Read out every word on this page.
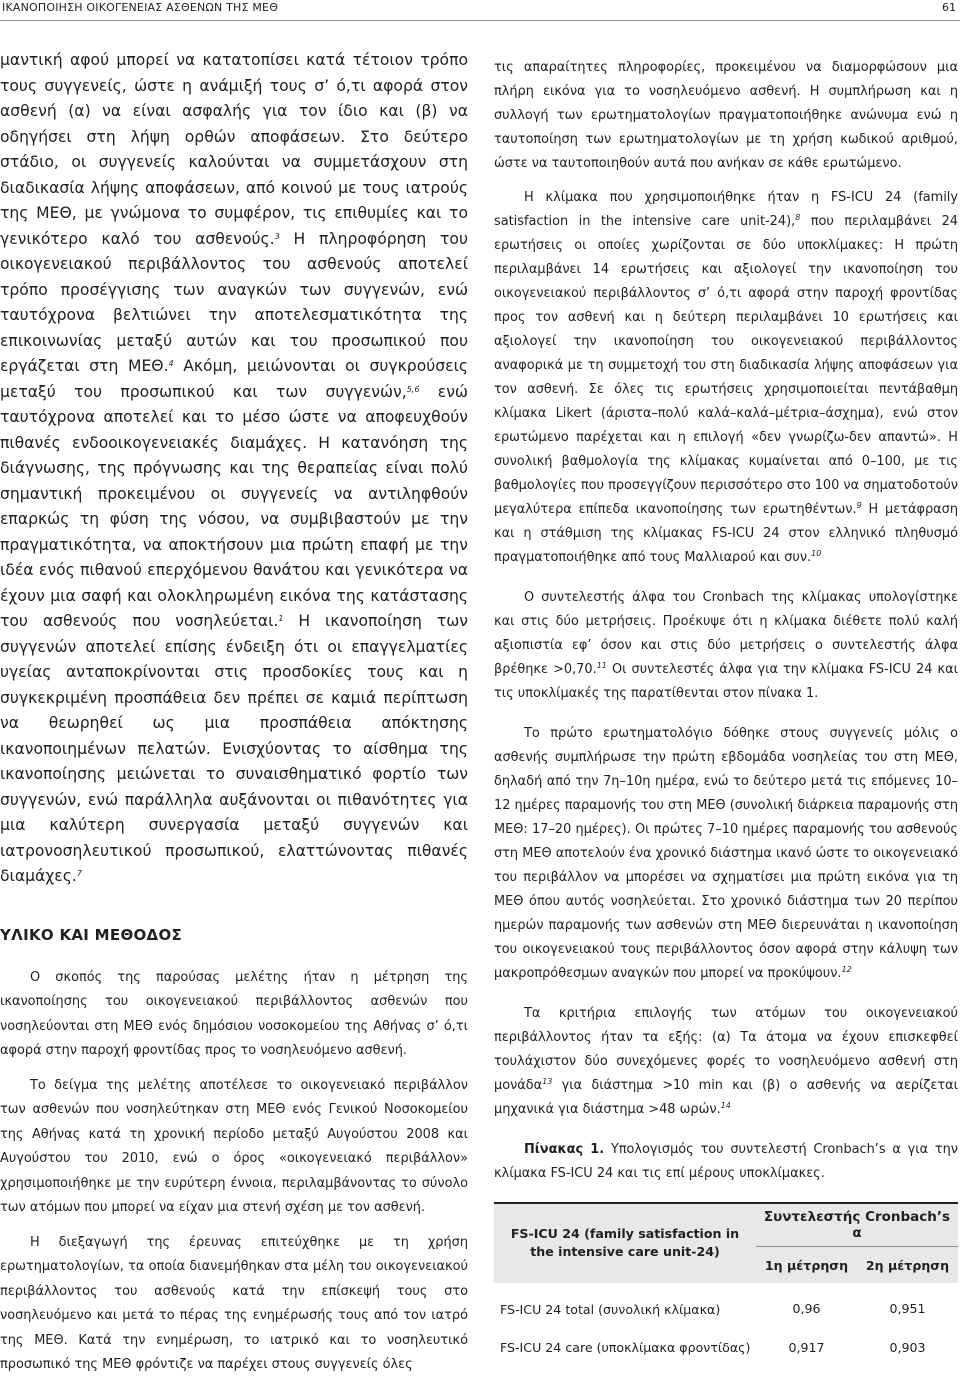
ΙΚΑΝΟΠΟΙΗΣΗ ΟΙΚΟΓΕΝΕΙΑΣ ΑΣΘΕΝΩΝ ΤΗΣ ΜΕΘ	61

μαντική αφού μπορεί να κατατοπίσει κατά τέτοιον τρόπο τους συγγενείς, ώστε η ανάμιξή τους σ’ ό,τι αφορά στον ασθενή (α) να είναι ασφαλής για τον ίδιο και (β) να οδηγήσει στη λήψη ορθών αποφάσεων. Στο δεύτερο στάδιο, οι συγγενείς καλούνται να συμμετάσχουν στη διαδικασία λήψης αποφάσεων, από κοινού με τους ιατρούς της ΜΕΘ, με γνώμονα το συμφέρον, τις επιθυμίες και το γενικότερο καλό του ασθενούς.$^3$ Η πληροφόρηση του οικογενειακού περιβάλλοντος του ασθενούς αποτελεί τρόπο προσέγγισης των αναγκών των συγγενών, ενώ ταυτόχρονα βελτιώνει την αποτελεσματικότητα της επικοινωνίας μεταξύ αυτών και του προσωπικού που εργάζεται στη ΜΕΘ.$^4$ Ακόμη, μειώνονται οι συγκρούσεις μεταξύ του προσωπικού και των συγγενών,$^{5,6}$ ενώ ταυτόχρονα αποτελεί και το μέσο ώστε να αποφευχθούν πιθανές ενδοοικογενειακές διαμάχες. Η κατανόηση της διάγνωσης, της πρόγνωσης και της θεραπείας είναι πολύ σημαντική προκειμένου οι συγγενείς να αντιληφθούν επαρκώς τη φύση της νόσου, να συμβιβαστούν με την πραγματικότητα, να αποκτήσουν μια πρώτη επαφή με την ιδέα ενός πιθανού επερχόμενου θανάτου και γενικότερα να έχουν μια σαφή και ολοκληρωμένη εικόνα της κατάστασης του ασθενούς που νοσηλεύεται.$^1$ Η ικανοποίηση των συγγενών αποτελεί επίσης ένδειξη ότι οι επαγγελματίες υγείας ανταποκρίνονται στις προσδοκίες τους και η συγκεκριμένη προσπάθεια δεν πρέπει σε καμιά περίπτωση να θεωρηθεί ως μια προσπάθεια απόκτησης ικανοποιημένων πελατών. Ενισχύοντας το αίσθημα της ικανοποίησης μειώνεται το συναισθηματικό φορτίο των συγγενών, ενώ παράλληλα αυξάνονται οι πιθανότητες για μια καλύτερη συνεργασία μεταξύ συγγενών και ιατρονοσηλευτικού προσωπικού, ελαττώνοντας πιθανές διαμάχες.$^7$

ΥΛΙΚΟ ΚΑΙ ΜΕΘΟΔΟΣ

Ο σκοπός της παρούσας μελέτης ήταν η μέτρηση της ικανοποίησης του οικογενειακού περιβάλλοντος ασθενών που νοσηλεύονται στη ΜΕΘ ενός δημόσιου νοσοκομείου της Αθήνας σ’ ό,τι αφορά στην παροχή φροντίδας προς το νοσηλευόμενο ασθενή.

Το δείγμα της μελέτης αποτέλεσε το οικογενειακό περιβάλλον των ασθενών που νοσηλεύτηκαν στη ΜΕΘ ενός Γενικού Νοσοκομείου της Αθήνας κατά τη χρονική περίοδο μεταξύ Αυγούστου 2008 και Αυγούστου του 2010, ενώ ο όρος «οικογενειακό περιβάλλον» χρησιμοποιήθηκε με την ευρύτερη έννοια, περιλαμβάνοντας το σύνολο των ατόμων που μπορεί να είχαν μια στενή σχέση με τον ασθενή.

Η διεξαγωγή της έρευνας επιτεύχθηκε με τη χρήση ερωτηματολογίων, τα οποία διανεμήθηκαν στα μέλη του οικογενειακού περιβάλλοντος του ασθενούς κατά την επίσκεψή τους στο νοσηλευόμενο και μετά το πέρας της ενημέρωσής τους από τον ιατρό της ΜΕΘ. Κατά την ενημέρωση, το ιατρικό και το νοσηλευτικό προσωπικό της ΜΕΘ φρόντιζε να παρέχει στους συγγενείς όλες

τις απαραίτητες πληροφορίες, προκειμένου να διαμορφώσουν μια πλήρη εικόνα για το νοσηλευόμενο ασθενή. Η συμπλήρωση και η συλλογή των ερωτηματολογίων πραγματοποιήθηκε ανώνυμα ενώ η ταυτοποίηση των ερωτηματολογίων με τη χρήση κωδικού αριθμού, ώστε να ταυτοποιηθούν αυτά που ανήκαν σε κάθε ερωτώμενο.

Η κλίμακα που χρησιμοποιήθηκε ήταν η FS-ICU 24 (family satisfaction in the intensive care unit-24),$^8$ που περιλαμβάνει 24 ερωτήσεις οι οποίες χωρίζονται σε δύο υποκλίμακες: Η πρώτη περιλαμβάνει 14 ερωτήσεις και αξιολογεί την ικανοποίηση του οικογενειακού περιβάλλοντος σ’ ό,τι αφορά στην παροχή φροντίδας προς τον ασθενή και η δεύτερη περιλαμβάνει 10 ερωτήσεις και αξιολογεί την ικανοποίηση του οικογενειακού περιβάλλοντος αναφορικά με τη συμμετοχή του στη διαδικασία λήψης αποφάσεων για τον ασθενή. Σε όλες τις ερωτήσεις χρησιμοποιείται πεντάβαθμη κλίμακα Likert (άριστα–πολύ καλά–καλά–μέτρια–άσχημα), ενώ στον ερωτώμενο παρέχεται και η επιλογή «δεν γνωρίζω-δεν απαντώ». Η συνολική βαθμολογία της κλίμακας κυμαίνεται από 0–100, με τις βαθμολογίες που προσεγγίζουν περισσότερο στο 100 να σηματοδοτούν μεγαλύτερα επίπεδα ικανοποίησης των ερωτηθέντων.$^9$ Η μετάφραση και η στάθμιση της κλίμακας FS-ICU 24 στον ελληνικό πληθυσμό πραγματοποιήθηκε από τους Μαλλιαρού και συν.$^{10}$

Ο συντελεστής άλφα του Cronbach της κλίμακας υπολογίστηκε και στις δύο μετρήσεις. Προέκυψε ότι η κλίμακα διέθετε πολύ καλή αξιοπιστία εφ’ όσον και στις δύο μετρήσεις ο συντελεστής άλφα βρέθηκε >0,70.11 Οι συντελεστές άλφα για την κλίμακα FS-ICU 24 και τις υποκλίμακές της παρατίθενται στον πίνακα 1.

Το πρώτο ερωτηματολόγιο δόθηκε στους συγγενείς μόλις ο ασθενής συμπλήρωσε την πρώτη εβδομάδα νοσηλείας του στη ΜΕΘ, δηλαδή από την 7η–10η ημέρα, ενώ το δεύτερο μετά τις επόμενες 10–12 ημέρες παραμονής του στη ΜΕΘ (συνολική διάρκεια παραμονής στη ΜΕΘ: 17–20 ημέρες). Οι πρώτες 7–10 ημέρες παραμονής του ασθενούς στη ΜΕΘ αποτελούν ένα χρονικό διάστημα ικανό ώστε το οικογενειακό του περιβάλλον να μπορέσει να σχηματίσει μια πρώτη εικόνα για τη ΜΕΘ όπου αυτός νοσηλεύεται. Στο χρονικό διάστημα των 20 περίπου ημερών παραμονής των ασθενών στη ΜΕΘ διερευνάται η ικανοποίηση του οικογενειακού τους περιβάλλοντος όσον αφορά στην κάλυψη των μακροπρόθεσμων αναγκών που μπορεί να προκύψουν.$^{12}$

Τα κριτήρια επιλογής των ατόμων του οικογενειακού περιβάλλοντος ήταν τα εξής: (α) Τα άτομα να έχουν επισκεφθεί τουλάχιστον δύο συνεχόμενες φορές το νοσηλευόμενο ασθενή στη μονάδα$^{13}$ για διάστημα >10 min και (β) ο ασθενής να αερίζεται μηχανικά για διάστημα >48 ωρών.$^{14}$

Πίνακας 1. Υπολογισμός του συντελεστή Cronbach’s α για την κλίμακα FS-ICU 24 και τις επί μέρους υποκλίμακες.

FS-ICU 24 (family satisfaction in the intensive care unit-24)	Συντελεστής Cronbach’s α	
	1η μέτρηση	2η μέτρηση
FS-ICU 24 total (συνολική κλίμακα)	0,96	0,951
FS-ICU 24 care (υποκλίμακα φροντίδας)	0,917	0,903
